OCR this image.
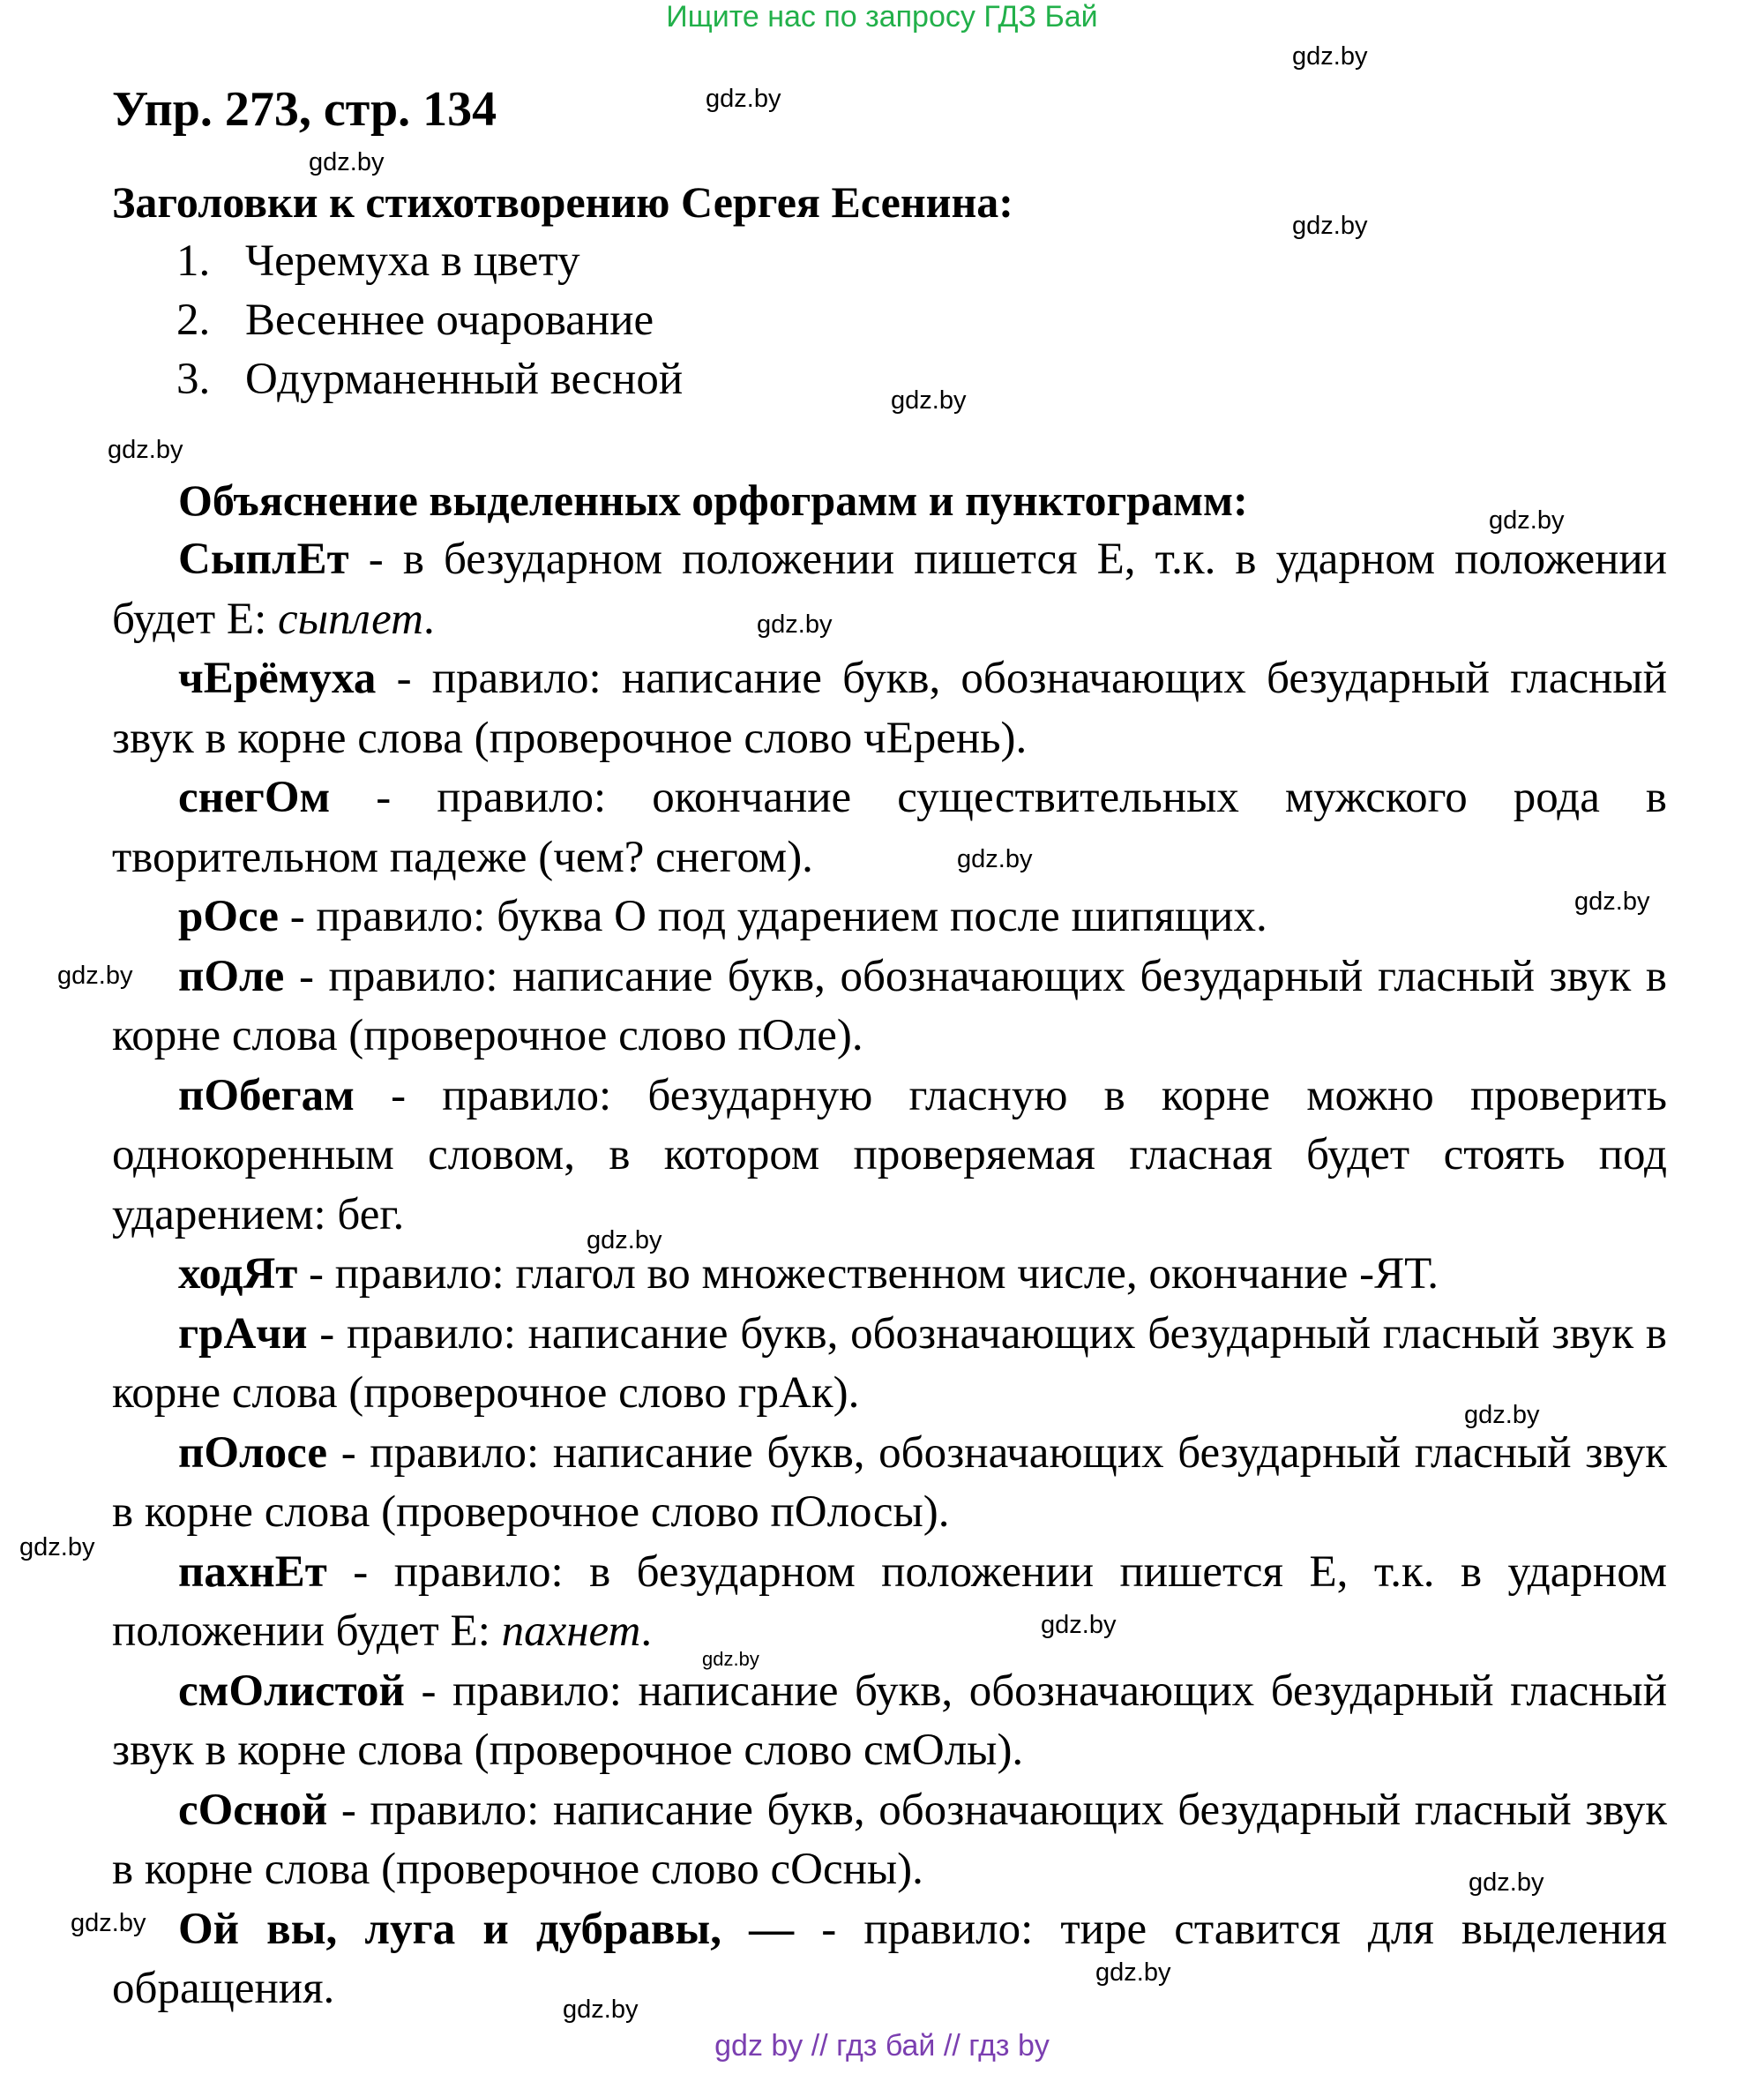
Ищите нас по запросу ГДЗ Бай
Упр. 273, стр. 134
Заголовки к стихотворению Сергея Есенина:
1. Черемуха в цвету
2. Весеннее очарование
3. Одурманенный весной
Объяснение выделенных орфограмм и пунктограмм:

СыплЕт - в безударном положении пишется Е, т.к. в ударном положении будет Е: сыплет.

чЕрёмуха - правило: написание букв, обозначающих безударный гласный звук в корне слова (проверочное слово чЕрень).

снегОм - правило: окончание существительных мужского рода в творительном падеже (чем? снегом).

рОсе - правило: буква О под ударением после шипящих.

пОле - правило: написание букв, обозначающих безударный гласный звук в корне слова (проверочное слово пОле).

пОбегам - правило: безударную гласную в корне можно проверить однокоренным словом, в котором проверяемая гласная будет стоять под ударением: бег.

ходЯт - правило: глагол во множественном числе, окончание -ЯТ.

грАчи - правило: написание букв, обозначающих безударный гласный звук в корне слова (проверочное слово грАк).

пОлосе - правило: написание букв, обозначающих безударный гласный звук в корне слова (проверочное слово пОлосы).

пахнЕт - правило: в безударном положении пишется Е, т.к. в ударном положении будет Е: пахнет.

смОлистой - правило: написание букв, обозначающих безударный гласный звук в корне слова (проверочное слово смОлы).

сОсной - правило: написание букв, обозначающих безударный гласный звук в корне слова (проверочное слово сОсны).

Ой вы, луга и дубравы, — - правило: тире ставится для выделения обращения.

gdz.by
gdz.by
gdz.by
gdz.by
gdz.by
gdz.by
gdz.by
gdz.by
gdz.by
gdz.by
gdz.by
gdz.by
gdz.by
gdz.by
gdz.by
gdz.by
gdz.by
gdz.by
gdz.by
gdz.by
gdz by // гдз бай // гдз by
